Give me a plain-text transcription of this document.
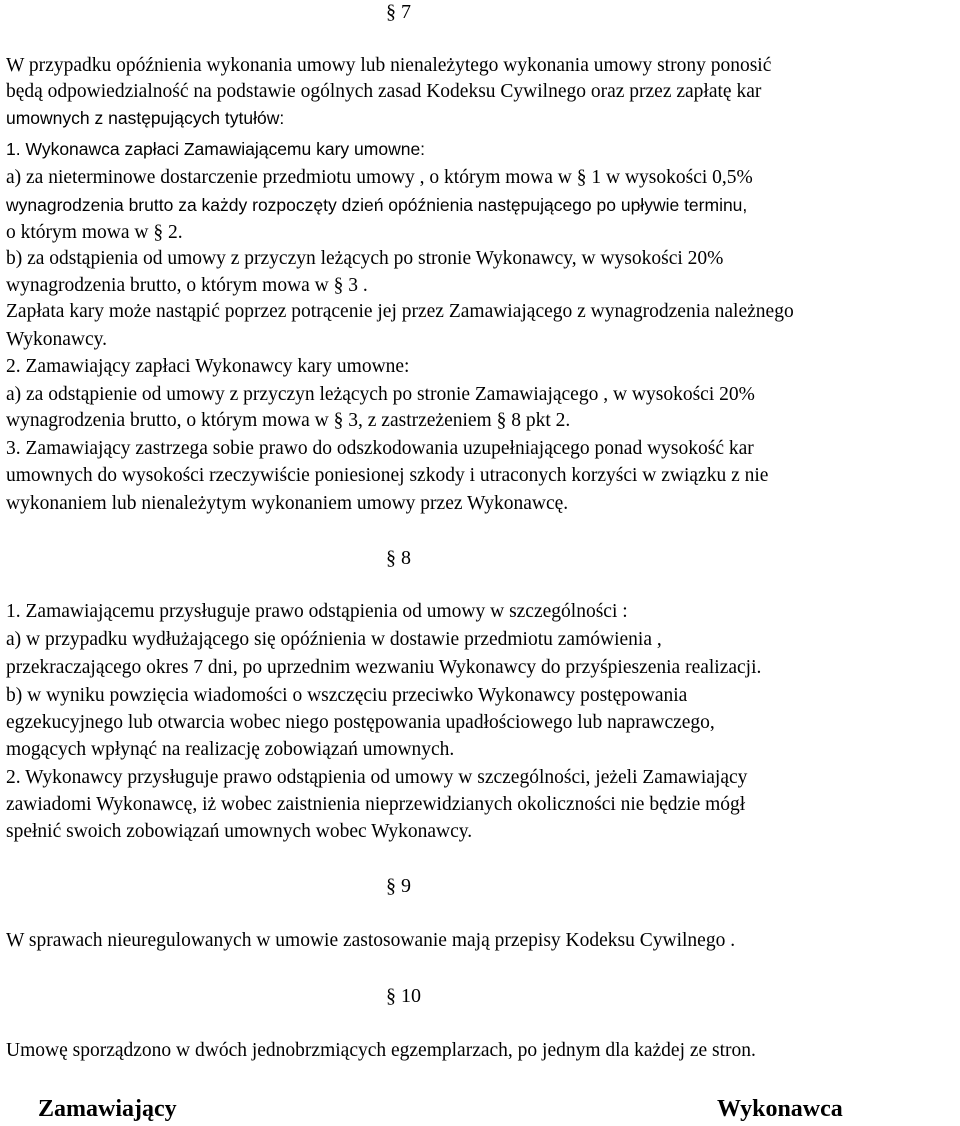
§ 7
W przypadku opóźnienia wykonania umowy lub nienależytego wykonania umowy strony ponosić
będą odpowiedzialność na podstawie ogólnych zasad Kodeksu Cywilnego oraz przez zapłatę kar
umownych z następujących tytułów:
1. Wykonawca zapłaci Zamawiającemu kary umowne:
a) za nieterminowe dostarczenie przedmiotu umowy , o którym mowa w § 1 w wysokości 0,5%
wynagrodzenia brutto za każdy rozpoczęty dzień opóźnienia następującego po upływie terminu,
o którym mowa w § 2.
b) za odstąpienia od umowy z przyczyn leżących po stronie Wykonawcy, w wysokości 20%
wynagrodzenia brutto, o którym mowa w § 3 .
Zapłata kary może nastąpić poprzez potrącenie jej przez Zamawiającego z wynagrodzenia należnego
Wykonawcy.
2. Zamawiający zapłaci Wykonawcy kary umowne:
a) za odstąpienie od umowy z przyczyn leżących po stronie Zamawiającego , w wysokości 20%
wynagrodzenia brutto, o którym mowa w § 3, z zastrzeżeniem § 8 pkt 2.
3. Zamawiający zastrzega sobie prawo do odszkodowania uzupełniającego ponad wysokość kar
umownych do wysokości rzeczywiście poniesionej szkody i utraconych korzyści w związku z nie
wykonaniem lub nienależytym wykonaniem umowy przez Wykonawcę.
§ 8
1. Zamawiającemu przysługuje prawo odstąpienia od umowy w szczególności :
a) w przypadku wydłużającego się opóźnienia w dostawie przedmiotu zamówienia ,
przekraczającego okres 7 dni, po uprzednim wezwaniu Wykonawcy do przyśpieszenia realizacji.
b) w wyniku powzięcia wiadomości o wszczęciu przeciwko Wykonawcy postępowania
egzekucyjnego lub otwarcia wobec niego postępowania upadłościowego lub naprawczego,
mogących wpłynąć na realizację zobowiązań umownych.
2. Wykonawcy przysługuje prawo odstąpienia od umowy w szczególności, jeżeli Zamawiający
zawiadomi Wykonawcę, iż wobec zaistnienia nieprzewidzianych okoliczności nie będzie mógł
spełnić swoich zobowiązań umownych wobec Wykonawcy.
§ 9
W sprawach nieuregulowanych w umowie zastosowanie mają przepisy Kodeksu Cywilnego .
§ 10
Umowę sporządzono w dwóch jednobrzmiących egzemplarzach, po jednym dla każdej ze stron.
Zamawiający	Wykonawca
